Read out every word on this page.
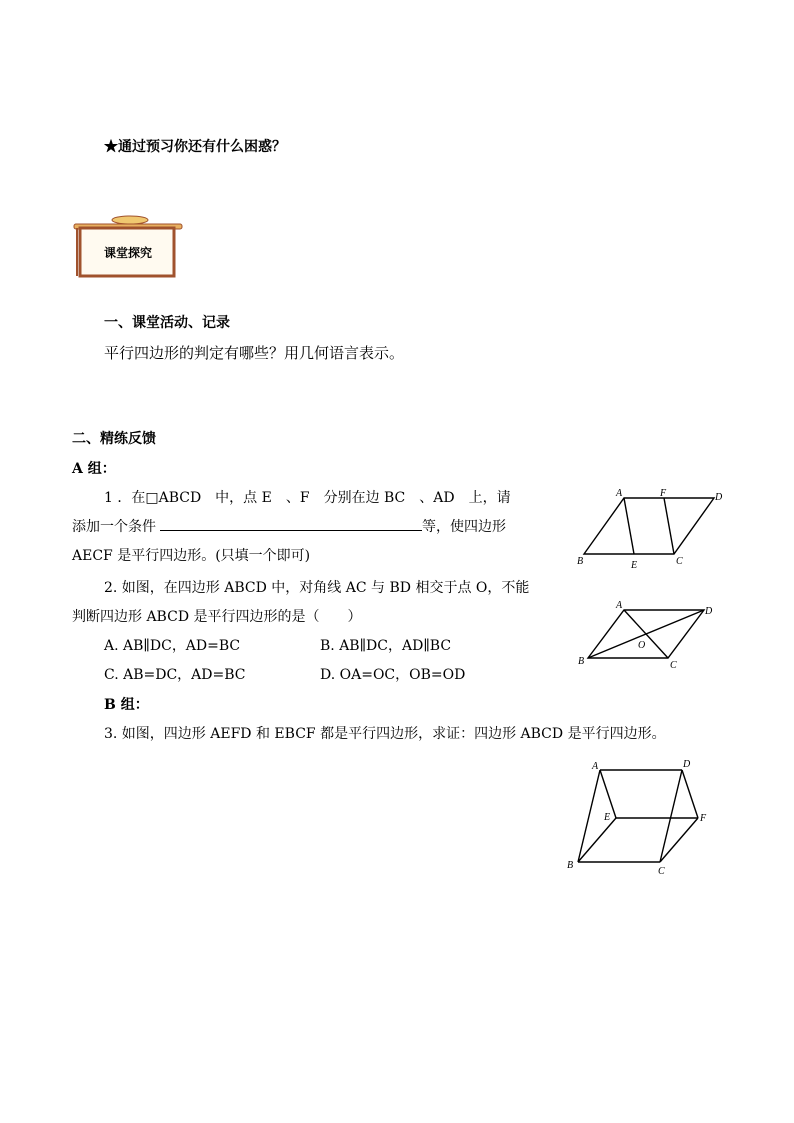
★通过预习你还有什么困惑？
课堂探究
一、课堂活动、记录
平行四边形的判定有哪些？用几何语言表示。
二、精练反馈
A 组：
1 ．在□ABCD　中，点 E　、F　分别在边 BC　、AD　上，请
添加一个条件	等，使四边形
AECF 是平行四边形。(只填一个即可)
2. 如图，在四边形 ABCD 中，对角线 AC 与 BD 相交于点 O，不能
判断四边形 ABCD 是平行四边形的是（　　）
A. AB∥DC，AD=BC	B. AB∥DC，AD∥BC
C. AB=DC，AD=BC	D. OA=OC，OB=OD
B 组：
3. 如图，四边形 AEFD 和 EBCF 都是平行四边形，求证：四边形 ABCD 是平行四边形。
A	F	D
B	E	C
A
D
O
B	C
A	D
E	F
B
C
